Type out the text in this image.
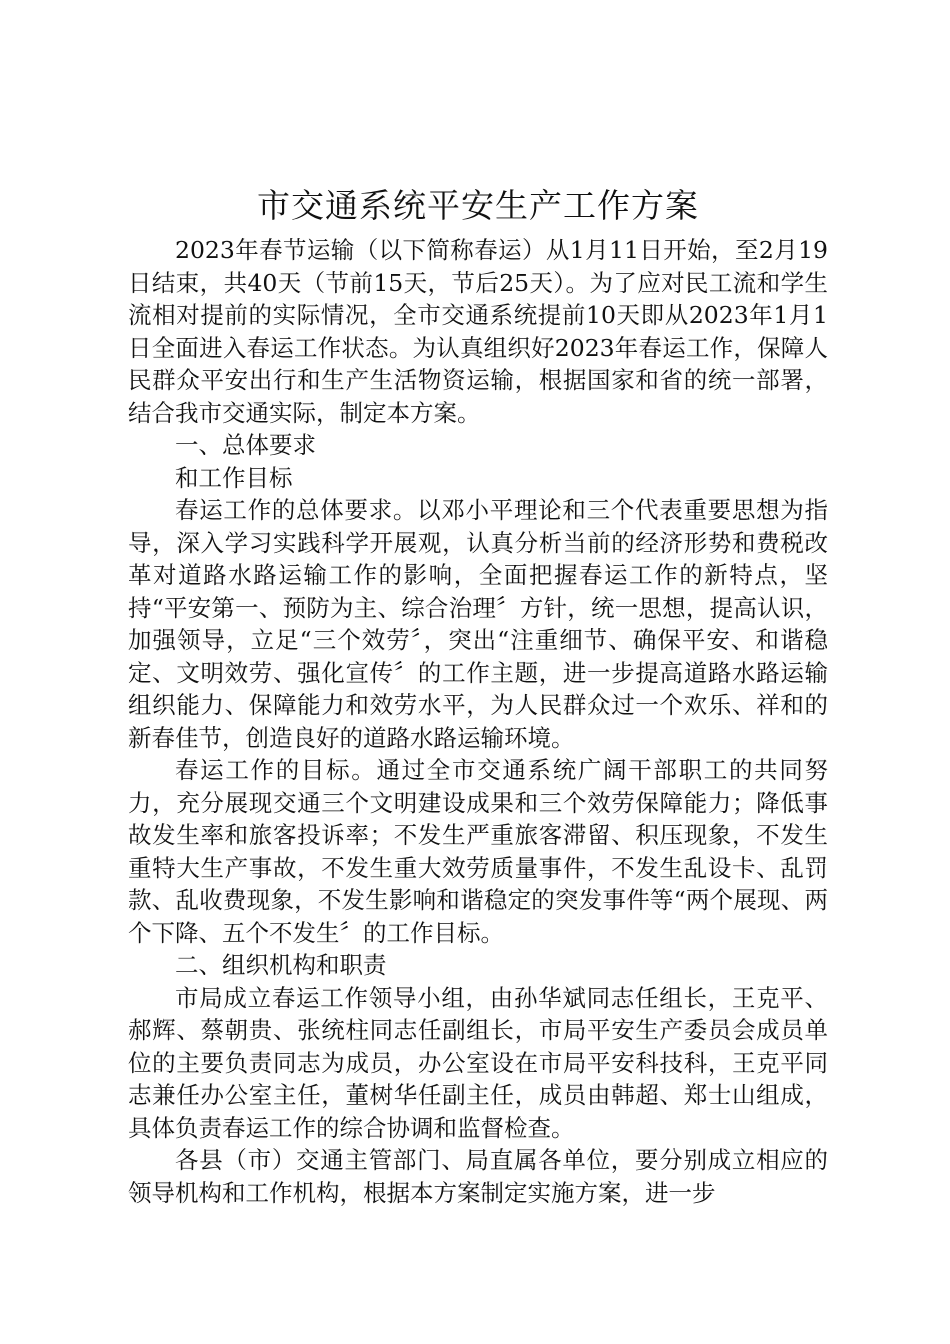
市交通系统平安生产工作方案

2023年春节运输（以下简称春运）从1月11日开始，至2月19日结束，共40天（节前15天，节后25天）。为了应对民工流和学生流相对提前的实际情况，全市交通系统提前10天即从2023年1月1日全面进入春运工作状态。为认真组织好2023年春运工作，保障人民群众平安出行和生产生活物资运输，根据国家和省的统一部署，结合我市交通实际，制定本方案。

一、总体要求

和工作目标

春运工作的总体要求。以邓小平理论和三个代表重要思想为指导，深入学习实践科学开展观，认真分析当前的经济形势和费税改革对道路水路运输工作的影响，全面把握春运工作的新特点，坚持“平安第一、预防为主、综合治理〞方针，统一思想，提高认识，加强领导，立足“三个效劳〞，突出“注重细节、确保平安、和谐稳定、文明效劳、强化宣传〞的工作主题，进一步提高道路水路运输组织能力、保障能力和效劳水平，为人民群众过一个欢乐、祥和的新春佳节，创造良好的道路水路运输环境。

春运工作的目标。通过全市交通系统广阔干部职工的共同努力，充分展现交通三个文明建设成果和三个效劳保障能力；降低事故发生率和旅客投诉率；不发生严重旅客滞留、积压现象，不发生重特大生产事故，不发生重大效劳质量事件，不发生乱设卡、乱罚款、乱收费现象，不发生影响和谐稳定的突发事件等“两个展现、两个下降、五个不发生〞的工作目标。

二、组织机构和职责

市局成立春运工作领导小组，由孙华斌同志任组长，王克平、郝辉、蔡朝贵、张统柱同志任副组长，市局平安生产委员会成员单位的主要负责同志为成员，办公室设在市局平安科技科，王克平同志兼任办公室主任，董树华任副主任，成员由韩超、郑士山组成，具体负责春运工作的综合协调和监督检查。

各县（市）交通主管部门、局直属各单位，要分别成立相应的领导机构和工作机构，根据本方案制定实施方案，进一步
